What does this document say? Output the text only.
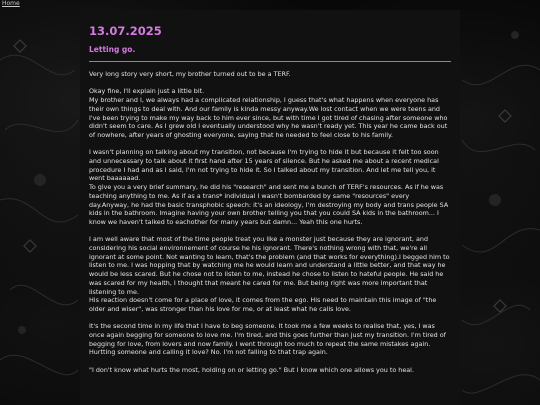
Home
13.07.2025
Letting go.

Very long story very short, my brother turned out to be a TERF.

Okay fine, I'll explain just a little bit.
My brother and I, we always had a complicated relationship, I guess that's what happens when everyone has their own things to deal with. And our family is kinda messy anyway.We lost contact when we were teens and I've been trying to make my way back to him ever since, but with time I got tired of chasing after someone who didn't seem to care. As I grew old I eventually understood why he wasn't ready yet. This year he came back out of nowhere, after years of ghosting everyone, saying that he needed to feel close to his family.

I wasn't planning on talking about my transition, not because I'm trying to hide it but because it felt too soon and unnecessary to talk about it first hand after 15 years of silence. But he asked me about a recent medical procedure I had and as I said, I'm not trying to hide it. So I talked about my transition. And let me tell you, it went baaaaaad.
To give you a very brief summary, he did his "research" and sent me a bunch of TERF's resources. As if he was teaching anything to me. As if as a trans* individual I wasn't bombarded by same "resources" every day.Anyway, he had the basic transphobic speech: it's an ideology, I'm destroying my body and trans people SA kids in the bathroom. Imagine having your own brother telling you that you could SA kids in the bathroom... I know we haven't talked to eachother for many years but damn... Yeah this one hurts.

I am well aware that most of the time people treat you like a monster just because they are ignorant, and considering his social environnement of course he his ignorant. There's nothing wrong with that, we're all ignorant at some point. Not wanting to learn, that's the problem (and that works for everything).I begged him to listen to me. I was hopping that by watching me he would learn and understand a little better, and that way he would be less scared. But he chose not to listen to me, instead he chose to listen to hateful people. He said he was scared for my health, I thought that meant he cared for me. But being right was more important that listening to me.
His reaction doesn't come for a place of love, it comes from the ego. His need to maintain this image of "the older and wiser", was stronger than his love for me, or at least what he calls love.

It's the second time in my life that I have to beg someone. It took me a few weeks to realise that, yes, I was once again begging for someone to love me. I'm tired, and this goes further than just my transition. I'm tired of begging for love, from lovers and now family. I went through too much to repeat the same mistakes again. Hurtting someone and calling it love? No. I'm not falling to that trap again.

"I don't know what hurts the most, holding on or letting go." But I know which one allows you to heal.
